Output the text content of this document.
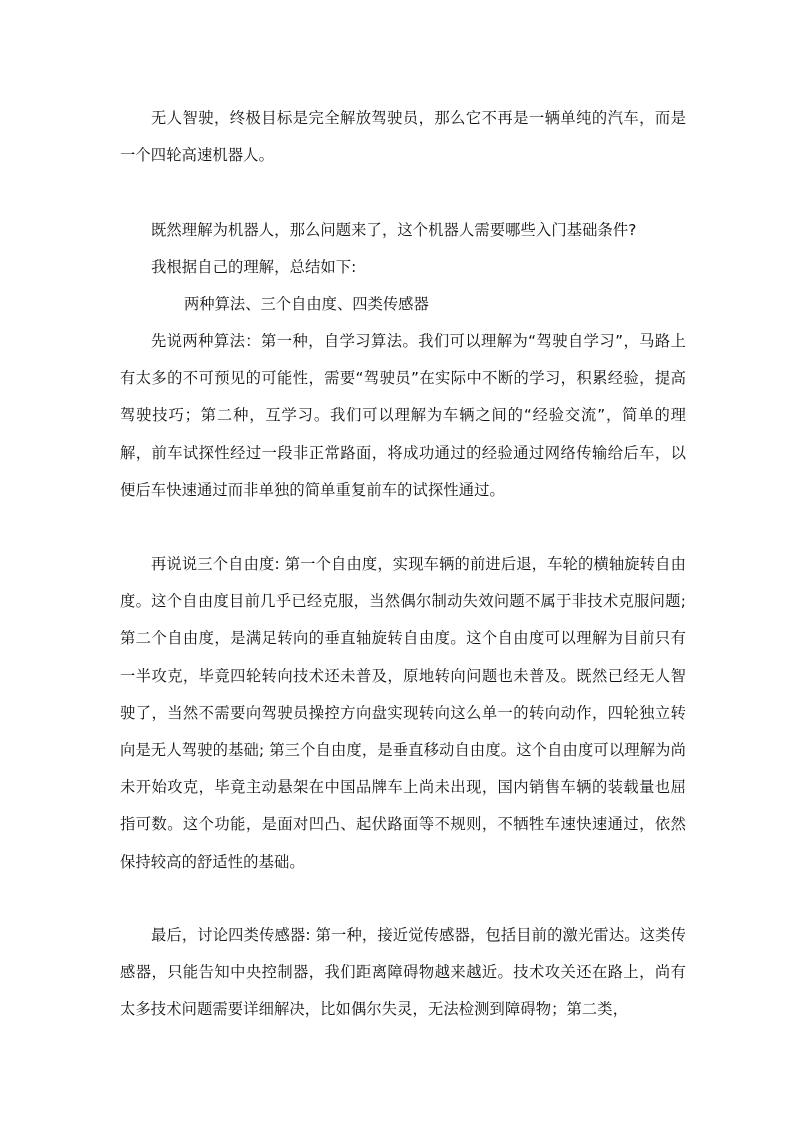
无人智驶，终极目标是完全解放驾驶员，那么它不再是一辆单纯的汽车，而是一个四轮高速机器人。

既然理解为机器人，那么问题来了，这个机器人需要哪些入门基础条件?

我根据自己的理解，总结如下:

两种算法、三个自由度、四类传感器

先说两种算法：第一种，自学习算法。我们可以理解为“驾驶自学习”，马路上有太多的不可预见的可能性，需要“驾驶员”在实际中不断的学习，积累经验，提高驾驶技巧；第二种，互学习。我们可以理解为车辆之间的“经验交流”，简单的理解，前车试探性经过一段非正常路面，将成功通过的经验通过网络传输给后车，以便后车快速通过而非单独的简单重复前车的试探性通过。

再说说三个自由度: 第一个自由度，实现车辆的前进后退，车轮的横轴旋转自由度。这个自由度目前几乎已经克服，当然偶尔制动失效问题不属于非技术克服问题; 第二个自由度，是满足转向的垂直轴旋转自由度。这个自由度可以理解为目前只有一半攻克，毕竟四轮转向技术还未普及，原地转向问题也未普及。既然已经无人智驶了，当然不需要向驾驶员操控方向盘实现转向这么单一的转向动作，四轮独立转向是无人驾驶的基础; 第三个自由度，是垂直移动自由度。这个自由度可以理解为尚未开始攻克，毕竟主动悬架在中国品牌车上尚未出现，国内销售车辆的装载量也屈指可数。这个功能，是面对凹凸、起伏路面等不规则，不牺牲车速快速通过，依然保持较高的舒适性的基础。

最后，讨论四类传感器: 第一种，接近觉传感器，包括目前的激光雷达。这类传感器，只能告知中央控制器，我们距离障碍物越来越近。技术攻关还在路上，尚有太多技术问题需要详细解决，比如偶尔失灵，无法检测到障碍物；第二类，
